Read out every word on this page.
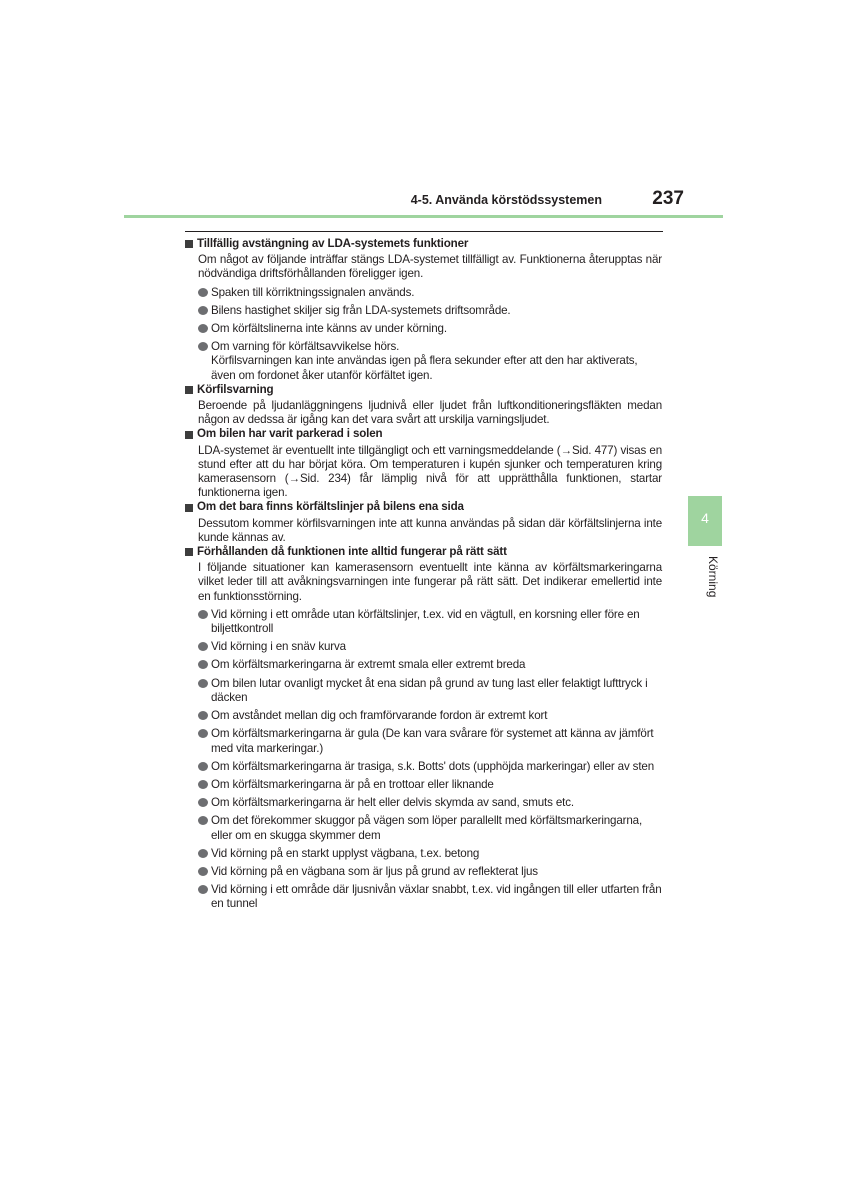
4-5. Använda körstödssystemen	237
Tillfällig avstängning av LDA-systemets funktioner
Om något av följande inträffar stängs LDA-systemet tillfälligt av. Funktionerna återupptas när nödvändiga driftsförhållanden föreligger igen.
Spaken till körriktningssignalen används.
Bilens hastighet skiljer sig från LDA-systemets driftsområde.
Om körfältslinerna inte känns av under körning.
Om varning för körfältsavvikelse hörs.
Körfilsvarningen kan inte användas igen på flera sekunder efter att den har aktiverats, även om fordonet åker utanför körfältet igen.
Körfilsvarning
Beroende på ljudanläggningens ljudnivå eller ljudet från luftkonditioneringsfläkten medan någon av dedssa är igång kan det vara svårt att urskilja varningsljudet.
Om bilen har varit parkerad i solen
LDA-systemet är eventuellt inte tillgängligt och ett varningsmeddelande (→Sid. 477) visas en stund efter att du har börjat köra. Om temperaturen i kupén sjunker och temperaturen kring kamerasensorn (→Sid. 234) får lämplig nivå för att upprätthålla funktionen, startar funktionerna igen.
Om det bara finns körfältslinjer på bilens ena sida
Dessutom kommer körfilsvarningen inte att kunna användas på sidan där körfältslinjerna inte kunde kännas av.
Förhållanden då funktionen inte alltid fungerar på rätt sätt
I följande situationer kan kamerasensorn eventuellt inte känna av körfältsmarkeringarna vilket leder till att avåkningsvarningen inte fungerar på rätt sätt. Det indikerar emellertid inte en funktionsstörning.
Vid körning i ett område utan körfältslinjer, t.ex. vid en vägtull, en korsning eller före en biljettkontroll
Vid körning i en snäv kurva
Om körfältsmarkeringarna är extremt smala eller extremt breda
Om bilen lutar ovanligt mycket åt ena sidan på grund av tung last eller felaktigt lufttryck i däcken
Om avståndet mellan dig och framförvarande fordon är extremt kort
Om körfältsmarkeringarna är gula (De kan vara svårare för systemet att känna av jämfört med vita markeringar.)
Om körfältsmarkeringarna är trasiga, s.k. Botts' dots (upphöjda markeringar) eller av sten
Om körfältsmarkeringarna är på en trottoar eller liknande
Om körfältsmarkeringarna är helt eller delvis skymda av sand, smuts etc.
Om det förekommer skuggor på vägen som löper parallellt med körfältsmarkeringarna, eller om en skugga skymmer dem
Vid körning på en starkt upplyst vägbana, t.ex. betong
Vid körning på en vägbana som är ljus på grund av reflekterat ljus
Vid körning i ett område där ljusnivån växlar snabbt, t.ex. vid ingången till eller utfarten från en tunnel
4
Körning
